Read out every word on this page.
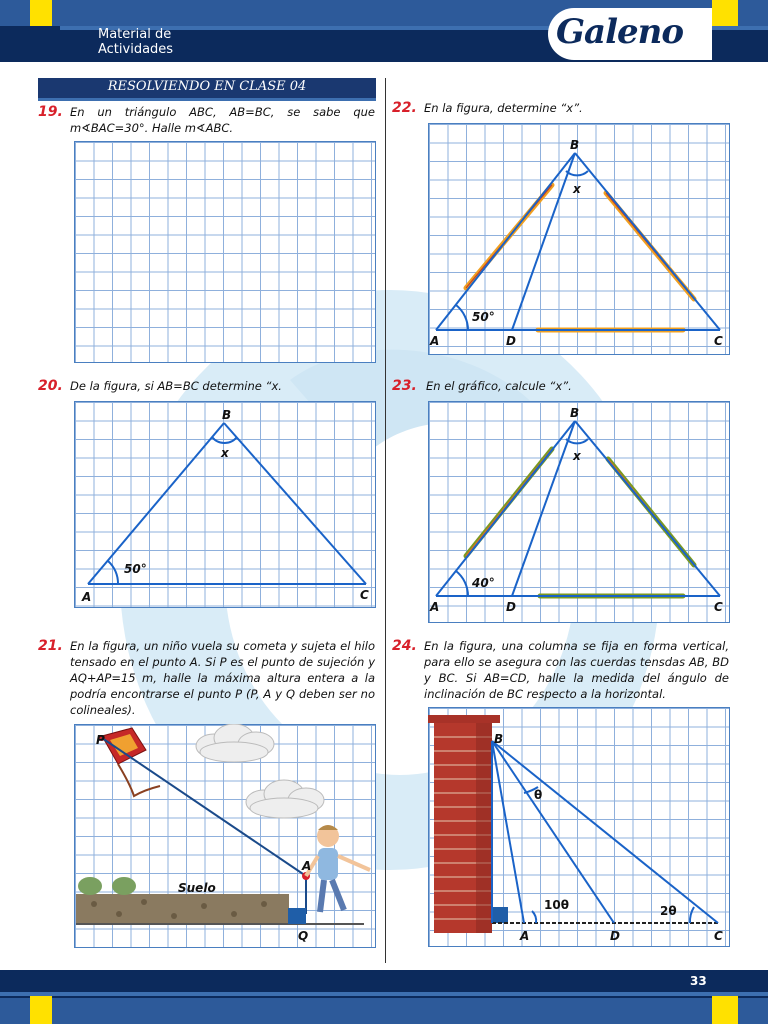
Material de
Actividades	Galeno
RESOLVIENDO EN CLASE 04
19. En un triángulo ABC, AB=BC, se sabe que m∢BAC=30°. Halle m∢ABC.
20. De la figura, si AB=BC determine “x.
B
x
50°
A	C
21. En la figura, un niño vuela su cometa y sujeta el hilo tensado en el punto A. Si P es el punto de sujeción y AQ+AP=15 m, halle la máxima altura entera a la podría encontrarse el punto P (P, A y Q deben ser no colineales).
P
A
Q
Suelo
22. En la figura, determine “x”.
B
x
50°
A	D	C
23. En el gráfico, calcule “x”.
B
x
40°
A	D	C
24. En la figura, una columna se fija en forma vertical, para ello se asegura con las cuerdas tensdas AB, BD y BC. Si AB=CD, halle la medida del ángulo de inclinación de BC respecto a la horizontal.
B
θ
10θ	2θ
A	D	C
33
